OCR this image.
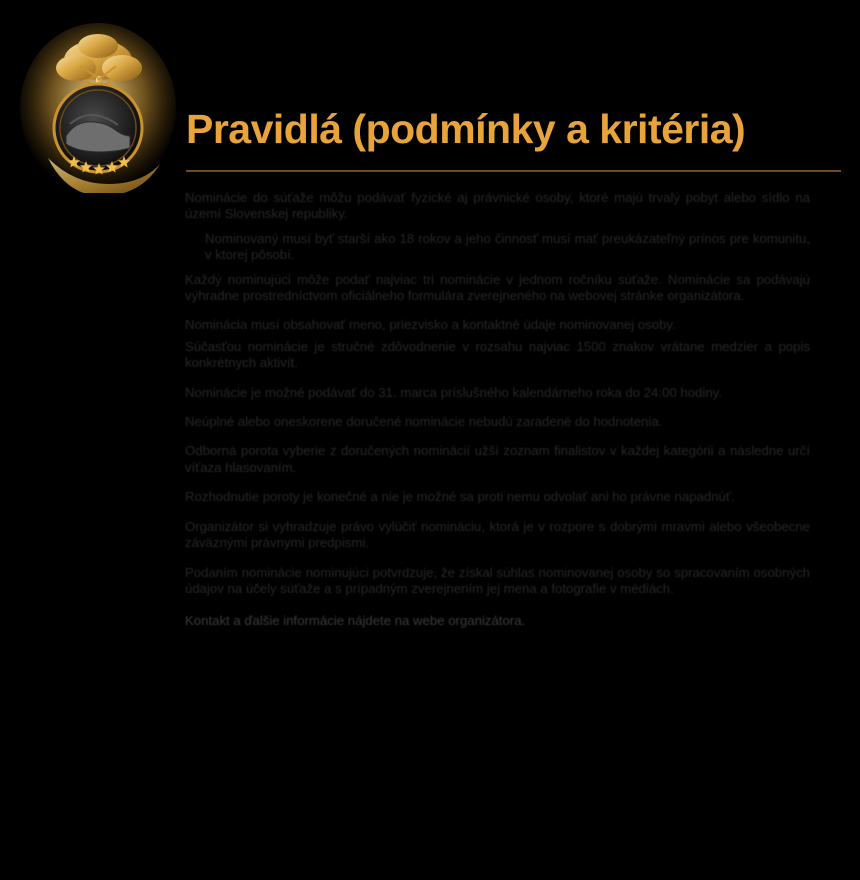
Pravidlá (podmínky a kritéria)

Nominácie do súťaže môžu podávať fyzické aj právnické osoby, ktoré majú trvalý pobyt alebo sídlo na území Slovenskej republiky.

Nominovaný musí byť starší ako 18 rokov a jeho činnosť musí mať preukázateľný prínos pre komunitu, v ktorej pôsobí.

Každý nominujúci môže podať najviac tri nominácie v jednom ročníku súťaže. Nominácie sa podávajú výhradne prostredníctvom oficiálneho formulára zverejneného na webovej stránke organizátora.

Nominácia musí obsahovať meno, priezvisko a kontaktné údaje nominovanej osoby.

Súčasťou nominácie je stručné zdôvodnenie v rozsahu najviac 1500 znakov vrátane medzier a popis konkrétnych aktivít.

Nominácie je možné podávať do 31. marca príslušného kalendárneho roka do 24:00 hodiny.

Neúplné alebo oneskorene doručené nominácie nebudú zaradené do hodnotenia.

Odborná porota vyberie z doručených nominácií užší zoznam finalistov v každej kategórii a následne určí víťaza hlasovaním.

Rozhodnutie poroty je konečné a nie je možné sa proti nemu odvolať ani ho právne napadnúť.

Organizátor si vyhradzuje právo vylúčiť nomináciu, ktorá je v rozpore s dobrými mravmi alebo všeobecne záväznými právnymi predpismi.

Podaním nominácie nominujúci potvrdzuje, že získal súhlas nominovanej osoby so spracovaním osobných údajov na účely súťaže a s prípadným zverejnením jej mena a fotografie v médiách.

Kontakt a ďalšie informácie nájdete na webe organizátora.
